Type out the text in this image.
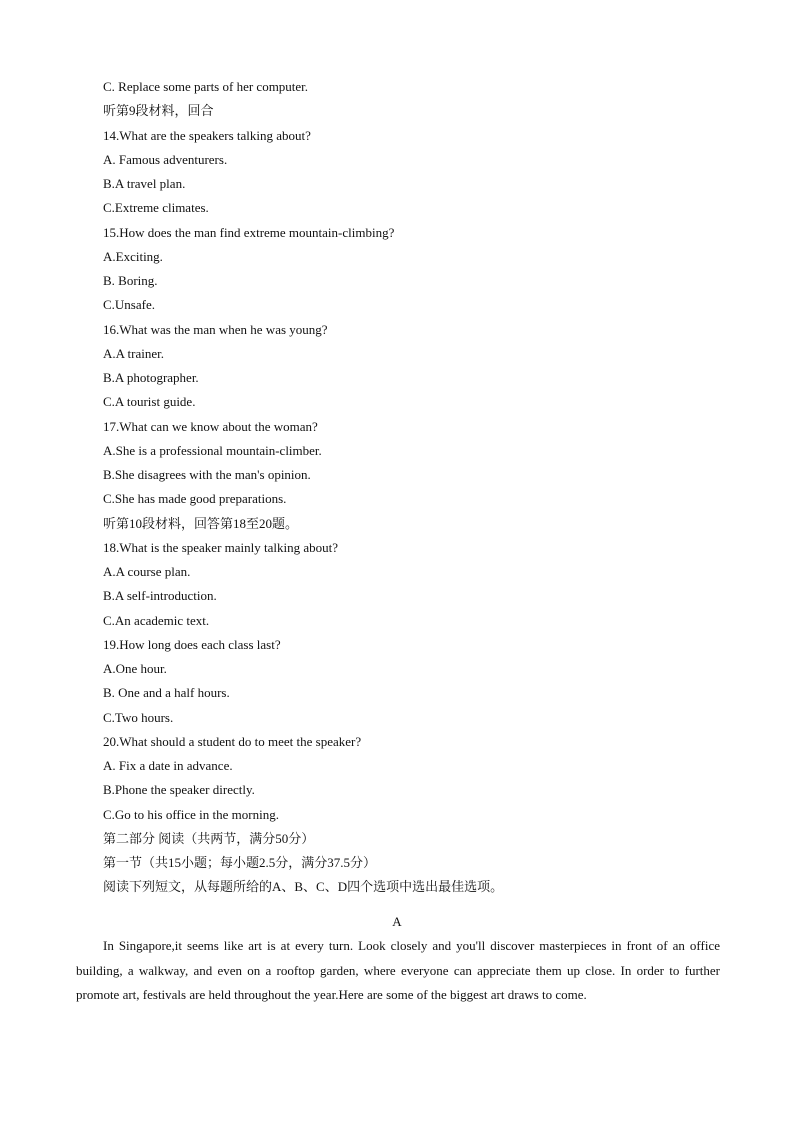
C. Replace some parts of her computer.
听第9段材料，回合
14.What are the speakers talking about?
A. Famous adventurers.
B.A travel plan.
C.Extreme climates.
15.How does the man find extreme mountain-climbing?
A.Exciting.
B. Boring.
C.Unsafe.
16.What was the man when he was young?
A.A trainer.
B.A photographer.
C.A tourist guide.
17.What can we know about the woman?
A.She is a professional mountain-climber.
B.She disagrees with the man's opinion.
C.She has made good preparations.
听第10段材料，回答第18至20题。
18.What is the speaker mainly talking about?
A.A course plan.
B.A self-introduction.
C.An academic text.
19.How long does each class last?
A.One hour.
B. One and a half hours.
C.Two hours.
20.What should a student do to meet the speaker?
A. Fix a date in advance.
B.Phone the speaker directly.
C.Go to his office in the morning.
第二部分 阅读（共两节，满分50分）
第一节（共15小题；每小题2.5分，满分37.5分）
阅读下列短文，从每题所给的A、B、C、D四个选项中选出最佳选项。
A

In Singapore,it seems like art is at every turn. Look closely and you'll discover masterpieces in front of an office building, a walkway, and even on a rooftop garden, where everyone can appreciate them up close. In order to further promote art, festivals are held throughout the year.Here are some of the biggest art draws to come.
